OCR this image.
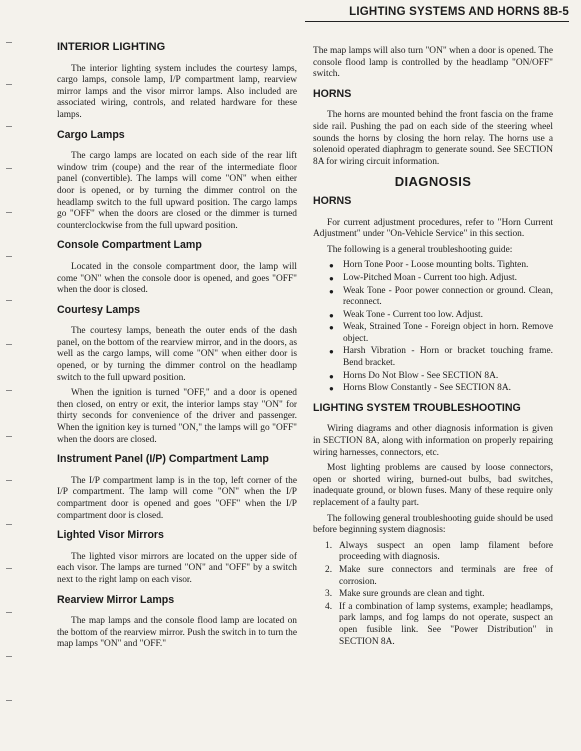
LIGHTING SYSTEMS AND HORNS 8B-5
INTERIOR LIGHTING

The interior lighting system includes the courtesy lamps, cargo lamps, console lamp, I/P compartment lamp, rearview mirror lamps and the visor mirror lamps. Also included are associated wiring, controls, and related hardware for these lamps.

Cargo Lamps

The cargo lamps are located on each side of the rear lift window trim (coupe) and the rear of the intermediate floor panel (convertible). The lamps will come "ON" when either door is opened, or by turning the dimmer control on the headlamp switch to the full upward position. The cargo lamps go "OFF" when the doors are closed or the dimmer is turned counterclockwise from the full upward position.

Console Compartment Lamp

Located in the console compartment door, the lamp will come "ON" when the console door is opened, and goes "OFF" when the door is closed.

Courtesy Lamps

The courtesy lamps, beneath the outer ends of the dash panel, on the bottom of the rearview mirror, and in the doors, as well as the cargo lamps, will come "ON" when either door is opened, or by turning the dimmer control on the headlamp switch to the full upward position.

When the ignition is turned "OFF," and a door is opened then closed, on entry or exit, the interior lamps stay "ON" for thirty seconds for convenience of the driver and passenger. When the ignition key is turned "ON," the lamps will go "OFF" when the doors are closed.

Instrument Panel (I/P) Compartment Lamp

The I/P compartment lamp is in the top, left corner of the I/P compartment. The lamp will come "ON" when the I/P compartment door is opened and goes "OFF" when the I/P compartment door is closed.

Lighted Visor Mirrors

The lighted visor mirrors are located on the upper side of each visor. The lamps are turned "ON" and "OFF" by a switch next to the right lamp on each visor.

Rearview Mirror Lamps

The map lamps and the console flood lamp are located on the bottom of the rearview mirror. Push the switch in to turn the map lamps "ON" and "OFF."

The map lamps will also turn "ON" when a door is opened. The console flood lamp is controlled by the headlamp "ON/OFF" switch.

HORNS

The horns are mounted behind the front fascia on the frame side rail. Pushing the pad on each side of the steering wheel sounds the horns by closing the horn relay. The horns use a solenoid operated diaphragm to generate sound. See SECTION 8A for wiring circuit information.

DIAGNOSIS
HORNS

For current adjustment procedures, refer to "Horn Current Adjustment" under "On-Vehicle Service" in this section.

The following is a general troubleshooting guide:

● Horn Tone Poor - Loose mounting bolts. Tighten.
● Low-Pitched Moan - Current too high. Adjust.
● Weak Tone - Poor power connection or ground. Clean, reconnect.
● Weak Tone - Current too low. Adjust.
● Weak, Strained Tone - Foreign object in horn. Remove object.
● Harsh Vibration - Horn or bracket touching frame. Bend bracket.
● Horns Do Not Blow - See SECTION 8A.
● Horns Blow Constantly - See SECTION 8A.
LIGHTING SYSTEM TROUBLESHOOTING

Wiring diagrams and other diagnosis information is given in SECTION 8A, along with information on properly repairing wiring harnesses, connectors, etc.

Most lighting problems are caused by loose connectors, open or shorted wiring, burned-out bulbs, bad switches, inadequate ground, or blown fuses. Many of these require only replacement of a faulty part.

The following general troubleshooting guide should be used before beginning system diagnosis:

1. Always suspect an open lamp filament before proceeding with diagnosis.
2. Make sure connectors and terminals are free of corrosion.
3. Make sure grounds are clean and tight.
4. If a combination of lamp systems, example; headlamps, park lamps, and fog lamps do not operate, suspect an open fusible link. See "Power Distribution" in SECTION 8A.
